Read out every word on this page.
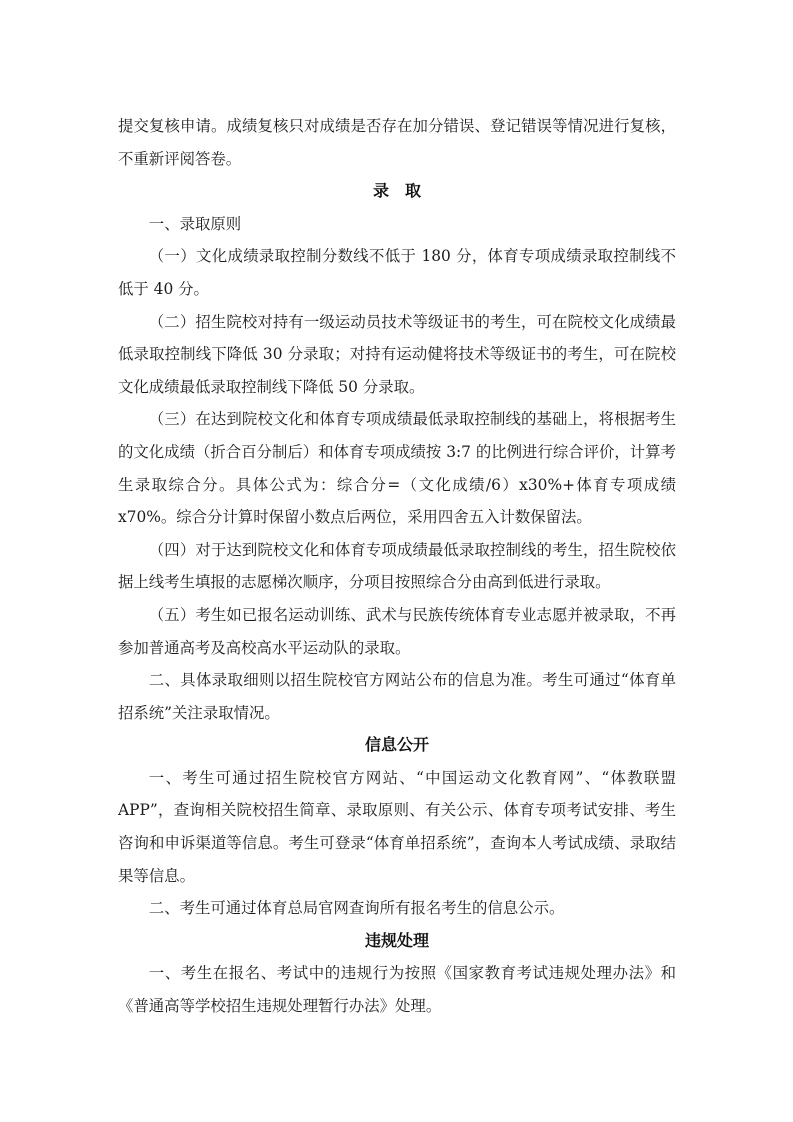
提交复核申请。成绩复核只对成绩是否存在加分错误、登记错误等情况进行复核，不重新评阅答卷。

录　取

一、录取原则

（一）文化成绩录取控制分数线不低于 180 分，体育专项成绩录取控制线不低于 40 分。

（二）招生院校对持有一级运动员技术等级证书的考生，可在院校文化成绩最低录取控制线下降低 30 分录取；对持有运动健将技术等级证书的考生，可在院校文化成绩最低录取控制线下降低 50 分录取。

（三）在达到院校文化和体育专项成绩最低录取控制线的基础上，将根据考生的文化成绩（折合百分制后）和体育专项成绩按 3:7 的比例进行综合评价，计算考生录取综合分。具体公式为：综合分=（文化成绩/6）x30%+体育专项成绩x70%。综合分计算时保留小数点后两位，采用四舍五入计数保留法。

（四）对于达到院校文化和体育专项成绩最低录取控制线的考生，招生院校依据上线考生填报的志愿梯次顺序，分项目按照综合分由高到低进行录取。

（五）考生如已报名运动训练、武术与民族传统体育专业志愿并被录取，不再参加普通高考及高校高水平运动队的录取。

二、具体录取细则以招生院校官方网站公布的信息为准。考生可通过“体育单招系统”关注录取情况。

信息公开

一、考生可通过招生院校官方网站、“中国运动文化教育网”、“体教联盟APP”，查询相关院校招生简章、录取原则、有关公示、体育专项考试安排、考生咨询和申诉渠道等信息。考生可登录“体育单招系统”，查询本人考试成绩、录取结果等信息。

二、考生可通过体育总局官网查询所有报名考生的信息公示。

违规处理

一、考生在报名、考试中的违规行为按照《国家教育考试违规处理办法》和《普通高等学校招生违规处理暂行办法》处理。
